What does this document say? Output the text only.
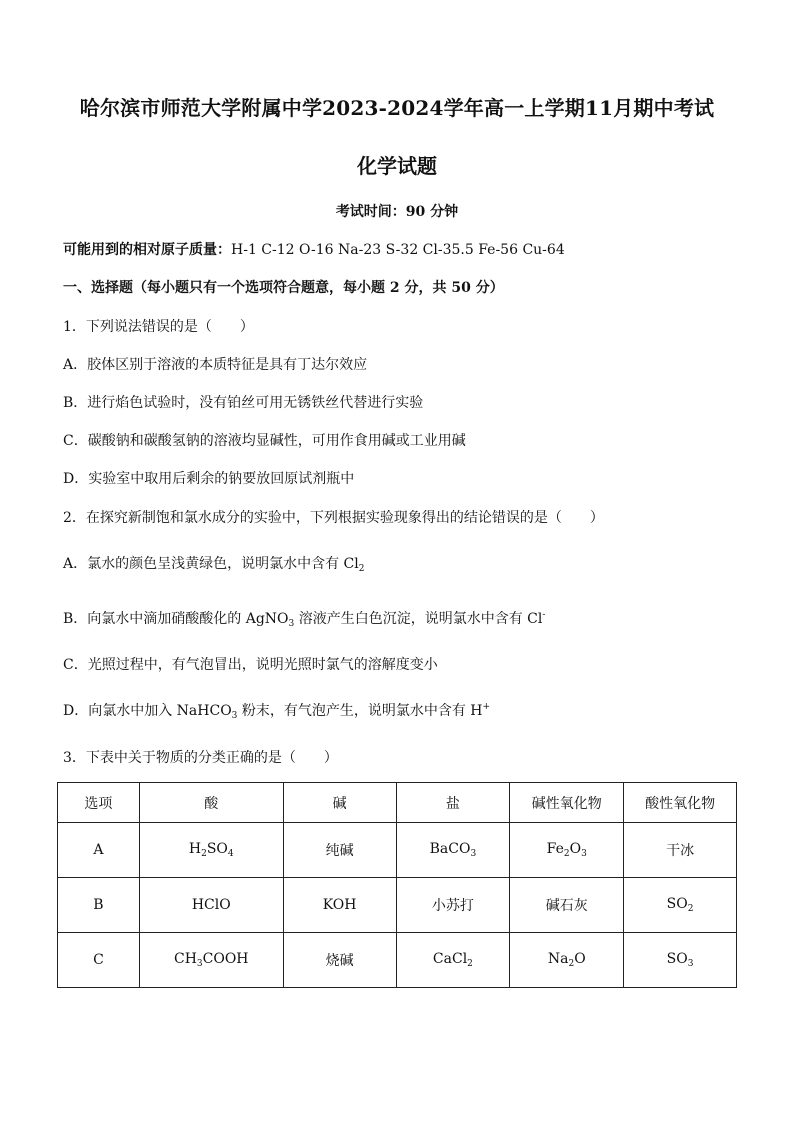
哈尔滨市师范大学附属中学2023-2024学年高一上学期11月期中考试
化学试题
考试时间：90 分钟
可能用到的相对原子质量：H-1 C-12 O-16 Na-23 S-32 Cl-35.5 Fe-56 Cu-64
一、选择题（每小题只有一个选项符合题意，每小题 2 分，共 50 分）
1．下列说法错误的是（　　）
A．胶体区别于溶液的本质特征是具有丁达尔效应
B．进行焰色试验时，没有铂丝可用无锈铁丝代替进行实验
C．碳酸钠和碳酸氢钠的溶液均显碱性，可用作食用碱或工业用碱
D．实验室中取用后剩余的钠要放回原试剂瓶中
2．在探究新制饱和氯水成分的实验中，下列根据实验现象得出的结论错误的是（　　）
A．氯水的颜色呈浅黄绿色，说明氯水中含有 $Cl_2$
B．向氯水中滴加硝酸酸化的 AgNO$_3$ 溶液产生白色沉淀，说明氯水中含有 Cl-
C．光照过程中，有气泡冒出，说明光照时氯气的溶解度变小
D．向氯水中加入 NaHCO$_3$ 粉末，有气泡产生，说明氯水中含有 H+
3．下表中关于物质的分类正确的是（　　）
选项	酸	碱	盐	碱性氧化物	酸性氧化物
A	$H_2SO_4$	纯碱	BaCO$_3$	$Fe_2O_3$	干冰
B	HClO	KOH	小苏打	碱石灰	$SO_2$
C	$CH_3COOH$	烧碱	CaCl$_2$	$Na_2O$	$SO_3$
